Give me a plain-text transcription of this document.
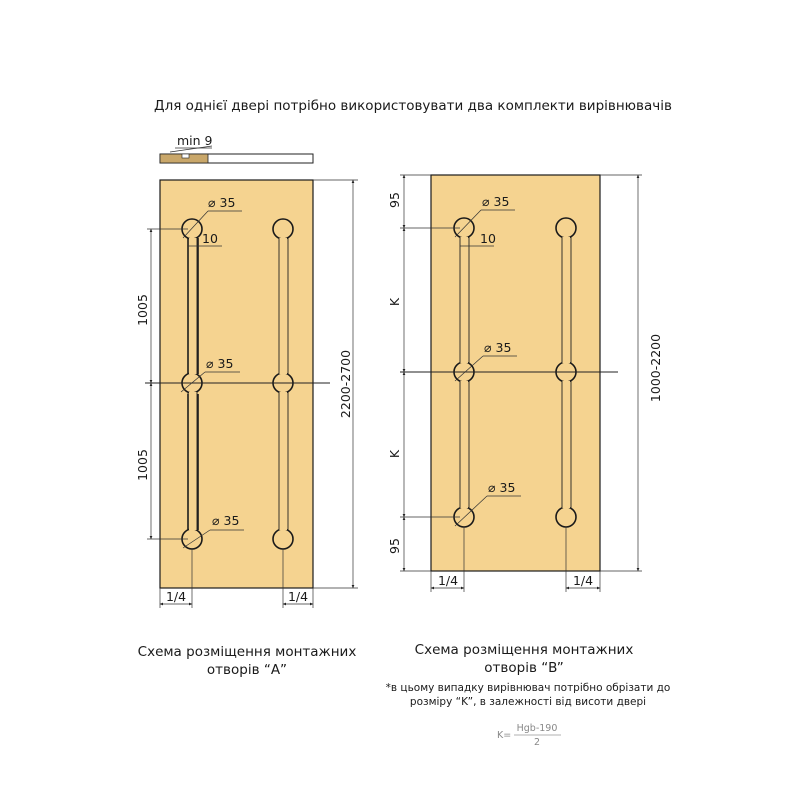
Для однієї двері потрібно використовувати два комплекти вирівнювачів
min 9
⌀ 35
⌀ 35
⌀ 35
10
1005
1005
2200-2700
1/4	1/4
Схема розміщення монтажних
отворів “А”
⌀ 35
⌀ 35
⌀ 35
10
95
K
K
95
1000-2200
1/4	1/4
Схема розміщення монтажних
отворів “B”
*в цьому випадку вирівнювач потрібно обрізати до
розміру “K”, в залежності від висоти двері
K=
Hgb-190
2
